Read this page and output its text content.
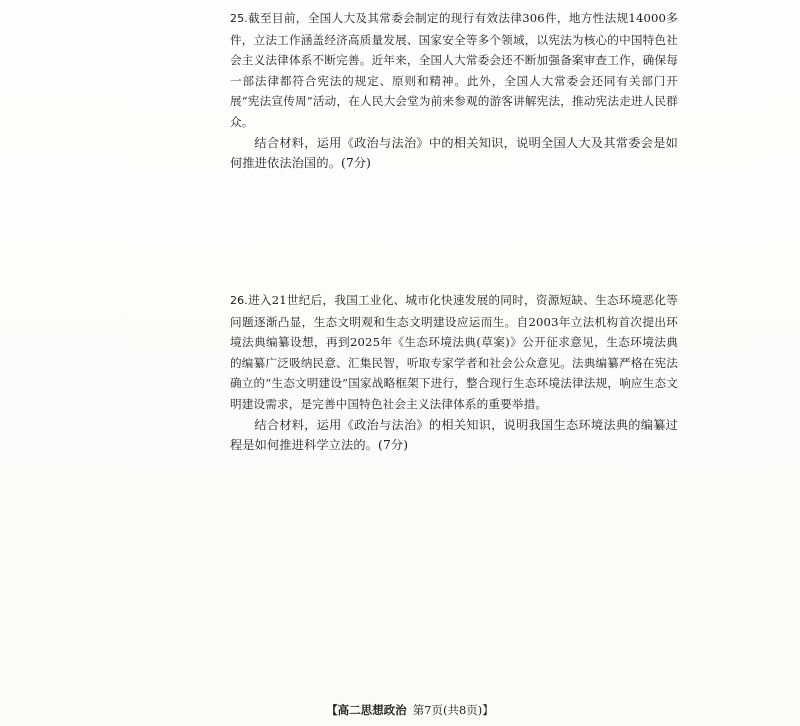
25.截至目前，全国人大及其常委会制定的现行有效法律306件，地方性法规14000多件，立法工作涵盖经济高质量发展、国家安全等多个领域，以宪法为核心的中国特色社会主义法律体系不断完善。近年来，全国人大常委会还不断加强备案审查工作，确保每一部法律都符合宪法的规定、原则和精神。此外，全国人大常委会还同有关部门开展“宪法宣传周”活动，在人民大会堂为前来参观的游客讲解宪法，推动宪法走进人民群众。

结合材料，运用《政治与法治》中的相关知识，说明全国人大及其常委会是如何推进依法治国的。(7分)

26.进入21世纪后，我国工业化、城市化快速发展的同时，资源短缺、生态环境恶化等问题逐渐凸显，生态文明观和生态文明建设应运而生。自2003年立法机构首次提出环境法典编纂设想，再到2025年《生态环境法典(草案)》公开征求意见，生态环境法典的编纂广泛吸纳民意、汇集民智，听取专家学者和社会公众意见。法典编纂严格在宪法确立的“生态文明建设”国家战略框架下进行，整合现行生态环境法律法规，响应生态文明建设需求，是完善中国特色社会主义法律体系的重要举措。

结合材料，运用《政治与法治》的相关知识，说明我国生态环境法典的编纂过程是如何推进科学立法的。(7分)

【高二思想政治 第7页(共8页)】
